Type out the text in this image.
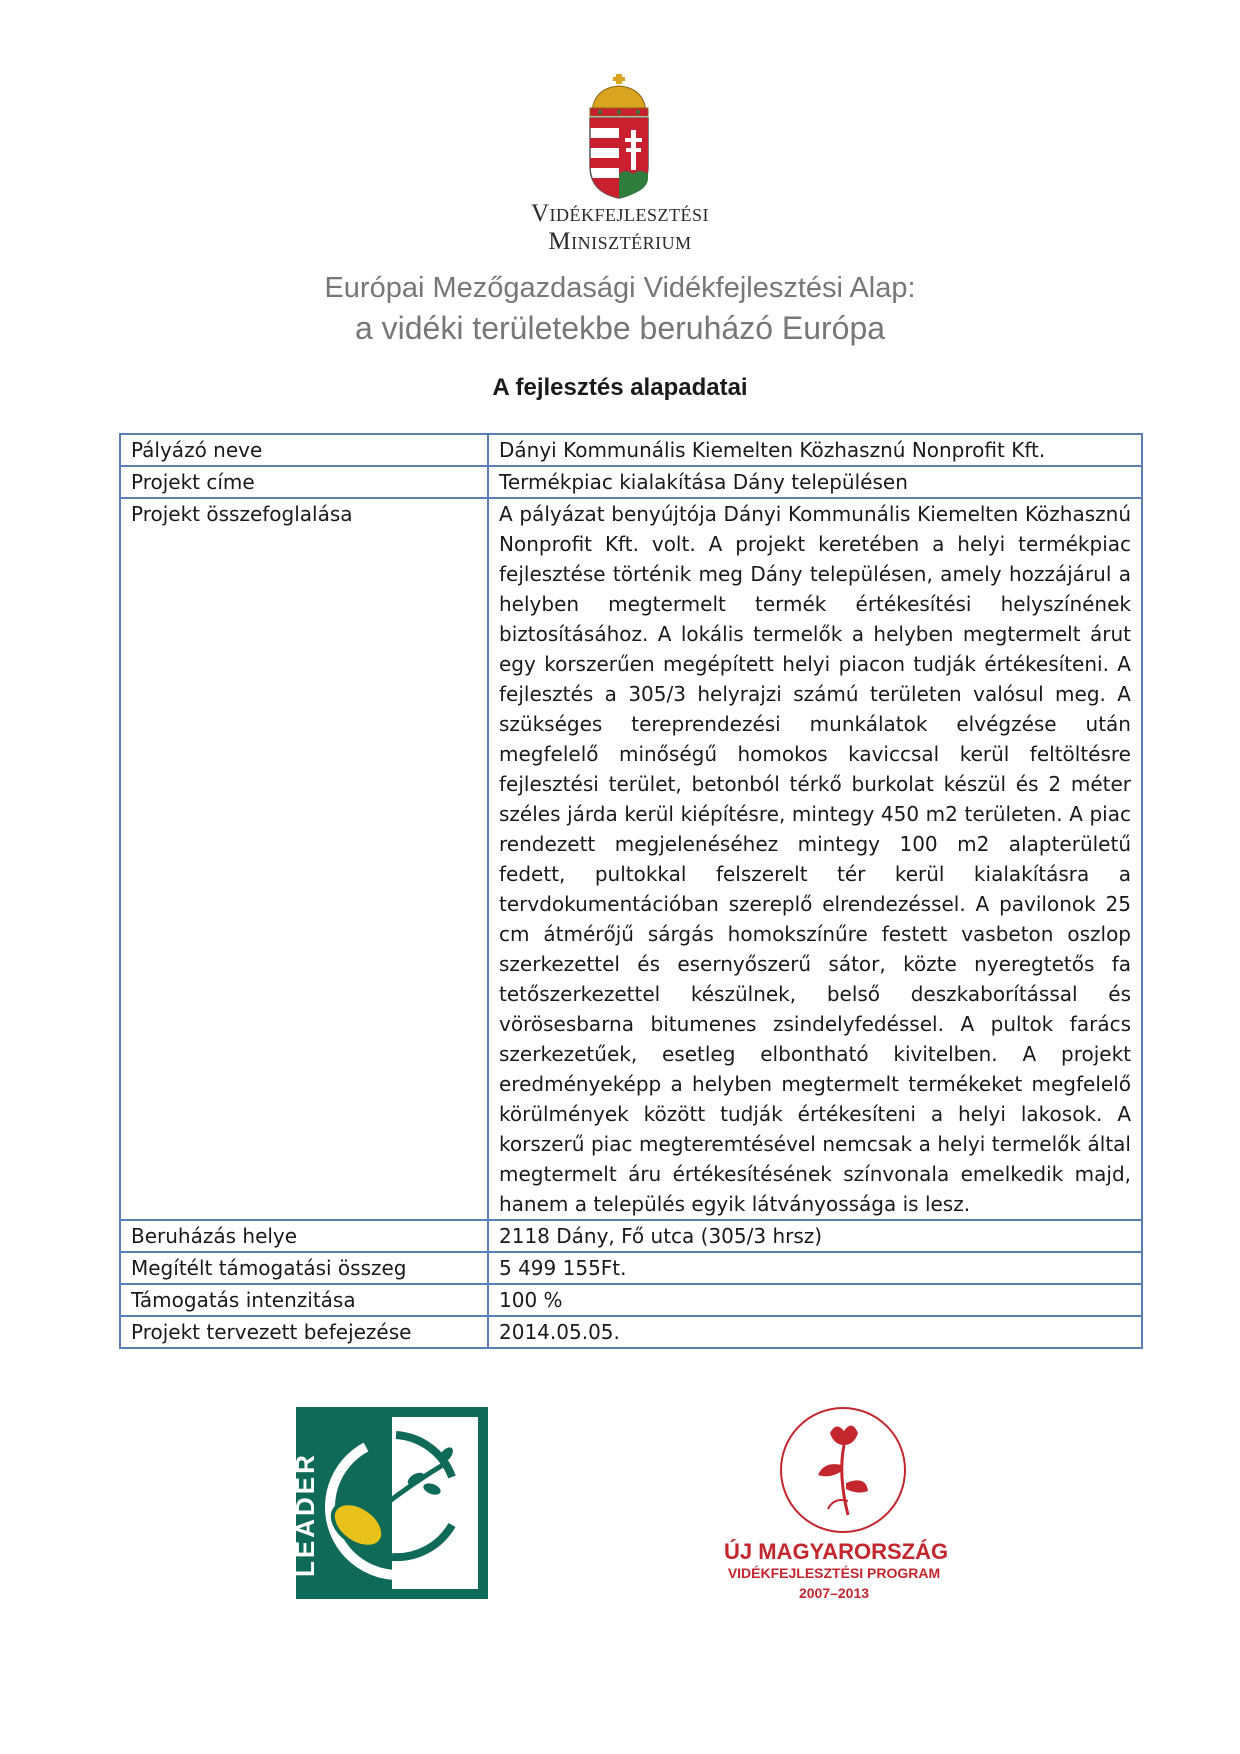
Vidékfejlesztési
Minisztérium
Európai Mezőgazdasági Vidékfejlesztési Alap:
a vidéki területekbe beruházó Európa
A fejlesztés alapadatai
Pályázó neve	Dányi Kommunális Kiemelten Közhasznú Nonprofit Kft.
Projekt címe	Termékpiac kialakítása Dány településen
Projekt összefoglalása	A pályázat benyújtója Dányi Kommunális Kiemelten Közhasznú Nonprofit Kft. volt. A projekt keretében a helyi termékpiac fejlesztése történik meg Dány településen, amely hozzájárul a helyben megtermelt termék értékesítési helyszínének biztosításához. A lokális termelők a helyben megtermelt árut egy korszerűen megépített helyi piacon tudják értékesíteni. A fejlesztés a 305/3 helyrajzi számú területen valósul meg. A szükséges tereprendezési munkálatok elvégzése után megfelelő minőségű homokos kaviccsal kerül feltöltésre fejlesztési terület, betonból térkő burkolat készül és 2 méter széles járda kerül kiépítésre, mintegy 450 m2 területen. A piac rendezett megjelenéséhez mintegy 100 m2 alapterületű fedett, pultokkal felszerelt tér kerül kialakításra a tervdokumentációban szereplő elrendezéssel. A pavilonok 25 cm átmérőjű sárgás homokszínűre festett vasbeton oszlop szerkezettel és esernyőszerű sátor, közte nyeregtetős fa tetőszerkezettel készülnek, belső deszkaborítással és vörösesbarna bitumenes zsindelyfedéssel. A pultok farács szerkezetűek, esetleg elbontható kivitelben. A projekt eredményeképp a helyben megtermelt termékeket megfelelő körülmények között tudják értékesíteni a helyi lakosok. A korszerű piac megteremtésével nemcsak a helyi termelők által megtermelt áru értékesítésének színvonala emelkedik majd, hanem a település egyik látványossága is lesz.
Beruházás helye	2118 Dány, Fő utca (305/3 hrsz)
Megítélt támogatási összeg	5 499 155Ft.
Támogatás intenzitása	100 %
Projekt tervezett befejezése	2014.05.05.
LEADER	ÚJ MAGYARORSZÁG
VIDÉKFEJLESZTÉSI PROGRAM
2007–2013
